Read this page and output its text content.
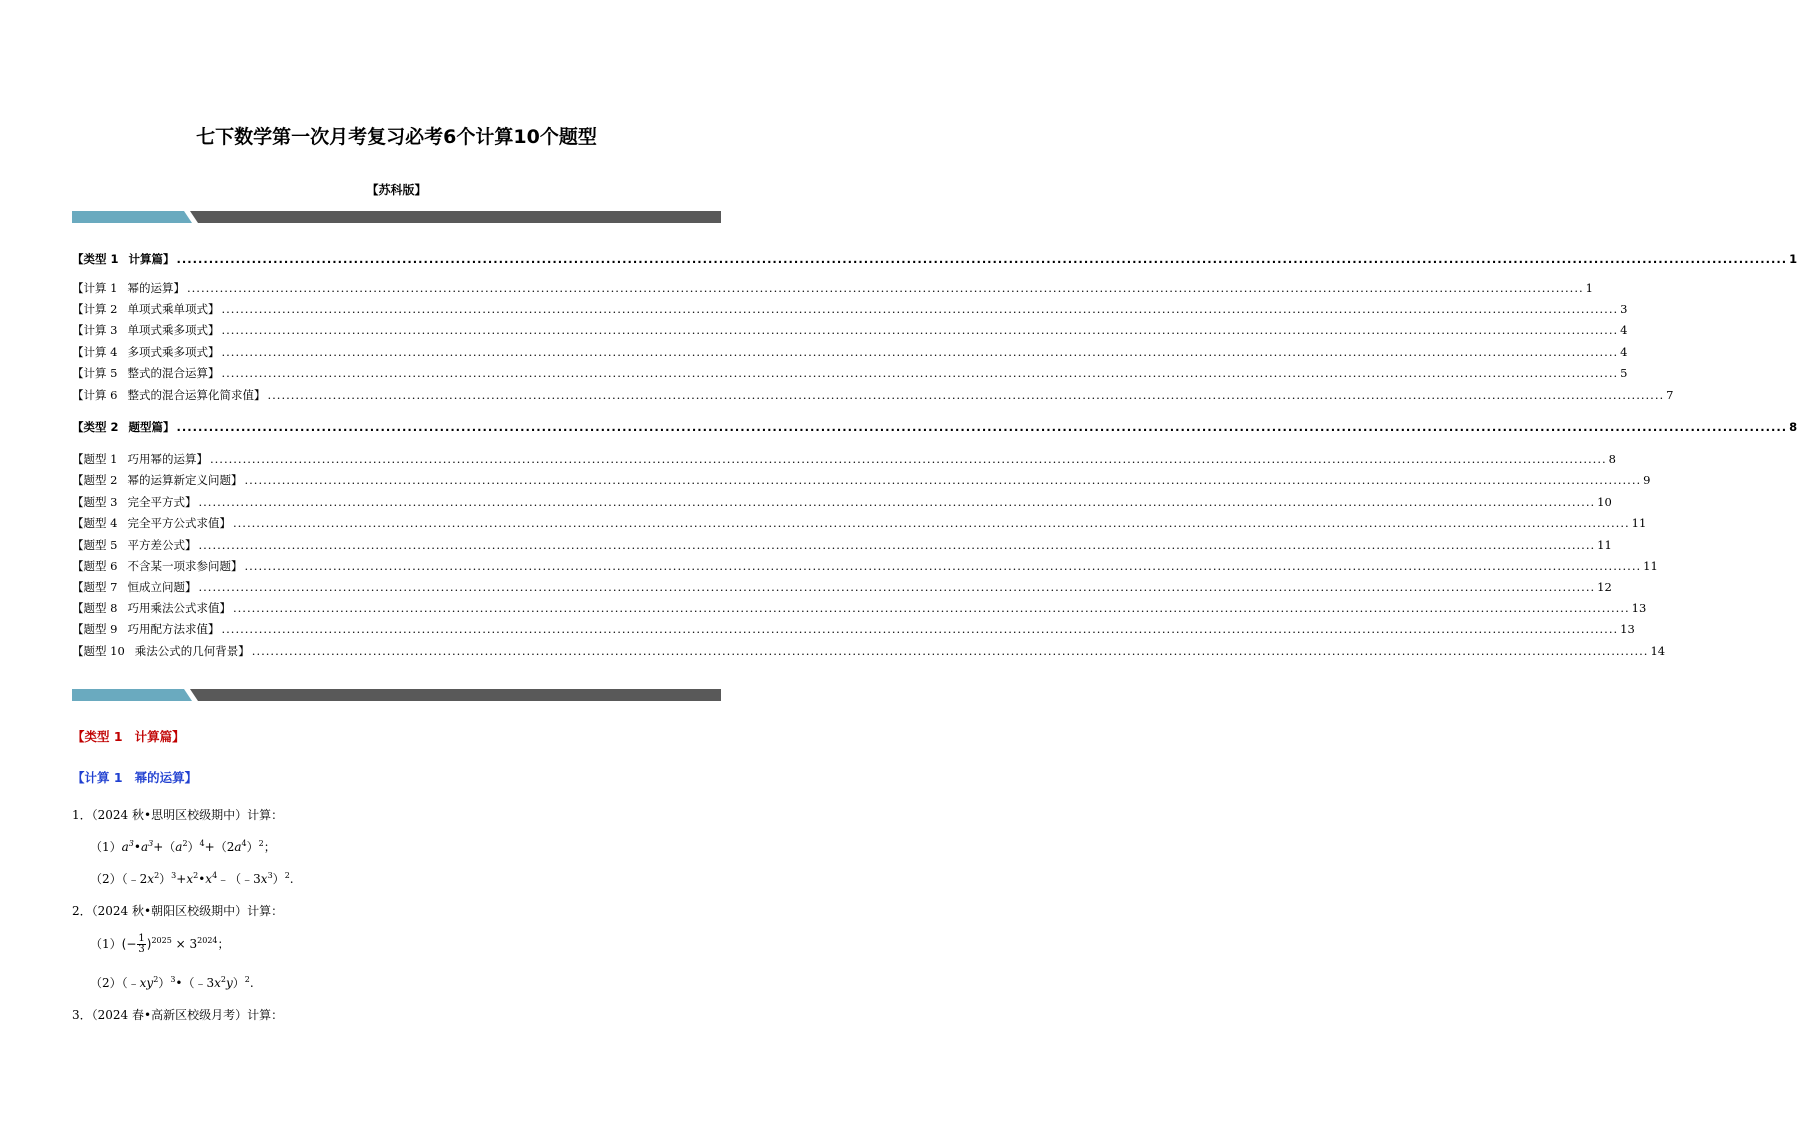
七下数学第一次月考复习必考6个计算10个题型
【苏科版】
【类型 1 计算篇】 ............................................................................................................................................................................................................................................................................................................ 1
【计算 1 幂的运算】 ............................................................................................................................................................................................................................................................................................................ 1
【计算 2 单项式乘单项式】 ............................................................................................................................................................................................................................................................................................................ 3
【计算 3 单项式乘多项式】 ............................................................................................................................................................................................................................................................................................................ 4
【计算 4 多项式乘多项式】 ............................................................................................................................................................................................................................................................................................................ 4
【计算 5 整式的混合运算】 ............................................................................................................................................................................................................................................................................................................ 5
【计算 6 整式的混合运算化简求值】 ............................................................................................................................................................................................................................................................................................................ 7
【类型 2 题型篇】 ............................................................................................................................................................................................................................................................................................................ 8
【题型 1 巧用幂的运算】 ............................................................................................................................................................................................................................................................................................................ 8
【题型 2 幂的运算新定义问题】 ............................................................................................................................................................................................................................................................................................................ 9
【题型 3 完全平方式】 ............................................................................................................................................................................................................................................................................................................ 10
【题型 4 完全平方公式求值】 ............................................................................................................................................................................................................................................................................................................ 11
【题型 5 平方差公式】 ............................................................................................................................................................................................................................................................................................................ 11
【题型 6 不含某一项求参问题】 ............................................................................................................................................................................................................................................................................................................ 11
【题型 7 恒成立问题】 ............................................................................................................................................................................................................................................................................................................ 12
【题型 8 巧用乘法公式求值】 ............................................................................................................................................................................................................................................................................................................ 13
【题型 9 巧用配方法求值】 ............................................................................................................................................................................................................................................................................................................ 13
【题型 10 乘法公式的几何背景】 ............................................................................................................................................................................................................................................................................................................ 14
【类型 1 计算篇】
【计算 1 幂的运算】
1．（2024 秋•思明区校级期中）计算：
$(1)a^3•a^3+(a^2)^4+(2a^4)^2$；
$(2)(﹣2x^2)^3+x^2•x^4﹣(﹣3x^3)^2$.
2．（2024 秋•朝阳区校级期中）计算：
$(1)(- \frac{1}{3} )^{2025} \times 3^{2024}$；
$(2)(﹣xy^2)^3•(﹣3x^2y)^2$.
3．（2024 春•高新区校级月考）计算：
